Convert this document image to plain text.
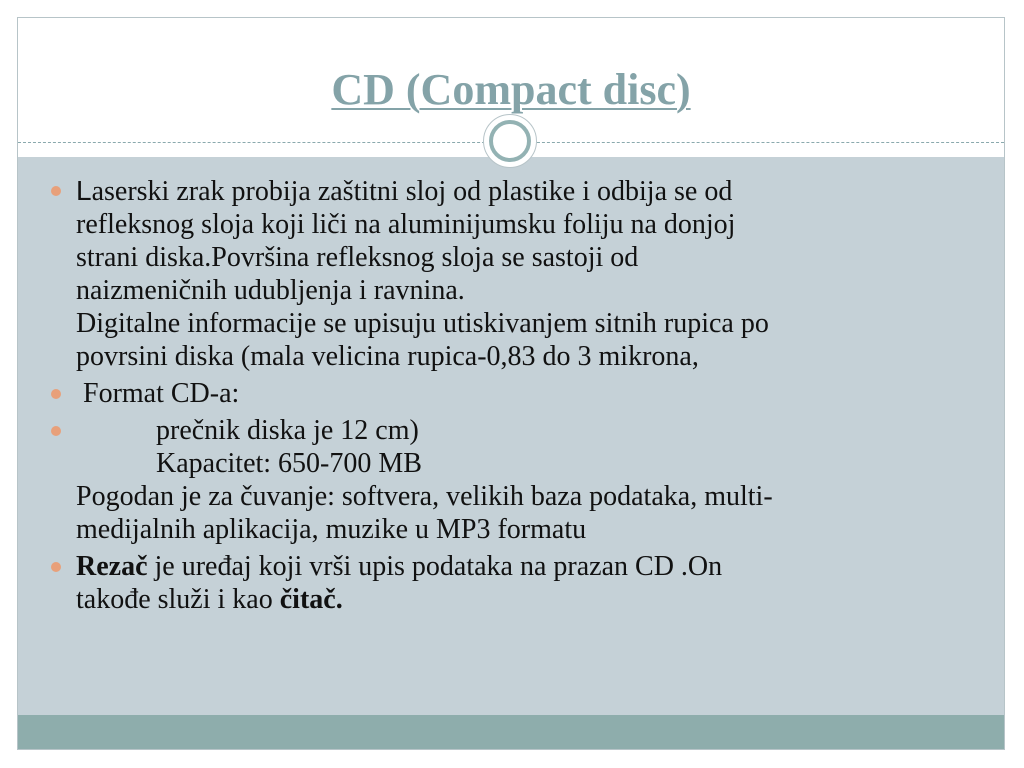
CD (Compact disc)
Laserski zrak probija zaštitni sloj od plastike i odbija se od
refleksnog sloja koji liči na aluminijumsku foliju na donjoj
strani diska.Površina refleksnog sloja se sastoji od
naizmeničnih udubljenja i ravnina.
Digitalne informacije se upisuju utiskivanjem sitnih rupica po
povrsini diska (mala velicina rupica-0,83 do 3 mikrona,
Format CD-a:
prečnik diska je 12 cm)
Kapacitet: 650-700 MB
Pogodan je za čuvanje: softvera, velikih baza podataka, multi-
medijalnih aplikacija, muzike u MP3 formatu
Rezač je uređaj koji vrši upis podataka na prazan CD .On
takođe služi i kao čitač.
